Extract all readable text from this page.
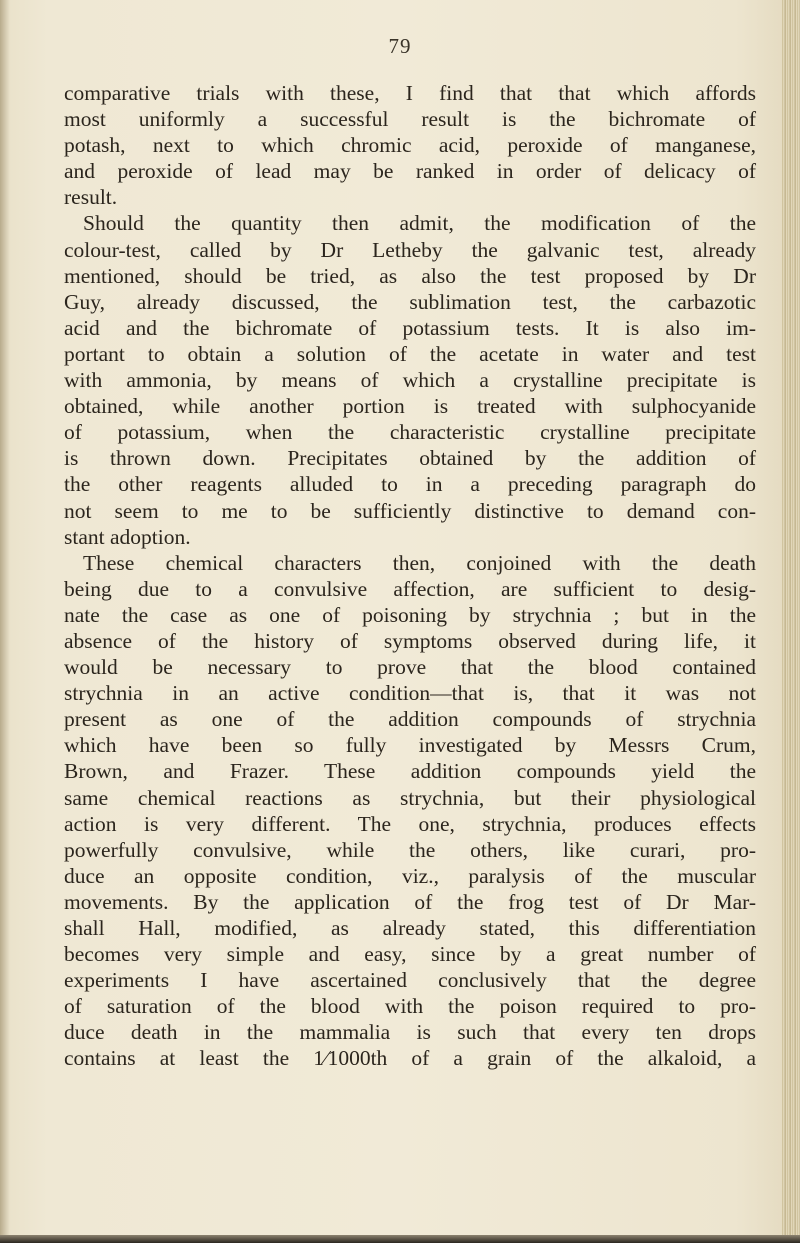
79
comparative trials with these, I find that that which affords
most uniformly a successful result is the bichromate of
potash, next to which chromic acid, peroxide of manganese,
and peroxide of lead may be ranked in order of delicacy of
result.
Should the quantity then admit, the modification of the
colour-test, called by Dr Letheby the galvanic test, already
mentioned, should be tried, as also the test proposed by Dr
Guy, already discussed, the sublimation test, the carbazotic
acid and the bichromate of potassium tests. It is also im-
portant to obtain a solution of the acetate in water and test
with ammonia, by means of which a crystalline precipitate is
obtained, while another portion is treated with sulphocyanide
of potassium, when the characteristic crystalline precipitate
is thrown down. Precipitates obtained by the addition of
the other reagents alluded to in a preceding paragraph do
not seem to me to be sufficiently distinctive to demand con-
stant adoption.
These chemical characters then, conjoined with the death
being due to a convulsive affection, are sufficient to desig-
nate the case as one of poisoning by strychnia ; but in the
absence of the history of symptoms observed during life, it
would be necessary to prove that the blood contained
strychnia in an active condition—that is, that it was not
present as one of the addition compounds of strychnia
which have been so fully investigated by Messrs Crum,
Brown, and Frazer. These addition compounds yield the
same chemical reactions as strychnia, but their physiological
action is very different. The one, strychnia, produces effects
powerfully convulsive, while the others, like curari, pro-
duce an opposite condition, viz., paralysis of the muscular
movements. By the application of the frog test of Dr Mar-
shall Hall, modified, as already stated, this differentiation
becomes very simple and easy, since by a great number of
experiments I have ascertained conclusively that the degree
of saturation of the blood with the poison required to pro-
duce death in the mammalia is such that every ten drops
contains at least the 1⁄1000th of a grain of the alkaloid, a
